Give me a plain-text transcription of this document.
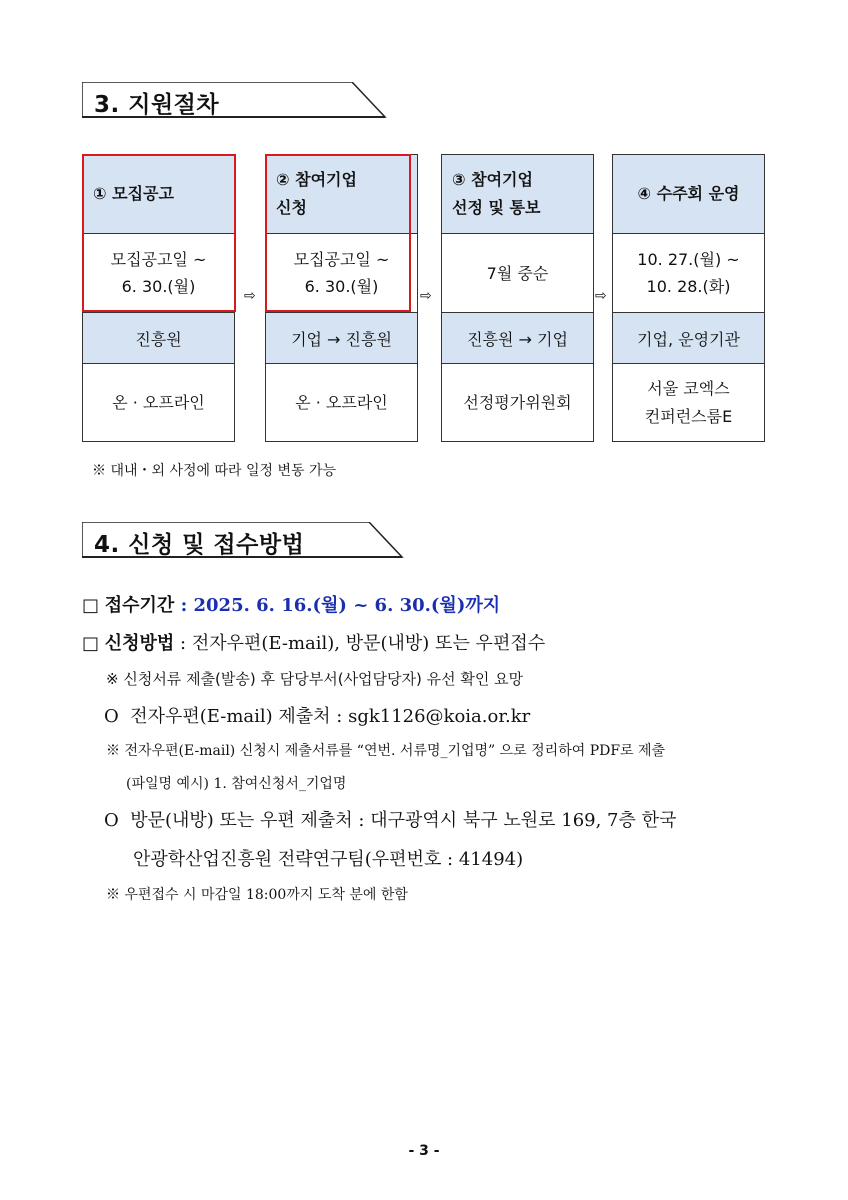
3. 지원절차
① 모집공고
모집공고일 ~
6. 30.(월)
진흥원
온 · 오프라인
② 참여기업
신청
모집공고일 ~
6. 30.(월)
기업 → 진흥원
온 · 오프라인
③ 참여기업
선정 및 통보
7월 중순
진흥원 → 기업
선정평가위원회
④ 수주회 운영
10. 27.(월) ~
10. 28.(화)
기업, 운영기관
서울 코엑스
컨퍼런스룸E
⇨	⇨	⇨
※ 대내・외 사정에 따라 일정 변동 가능
4. 신청 및 접수방법
□ 접수기간 : 2025. 6. 16.(월) ~ 6. 30.(월)까지
□ 신청방법 : 전자우편(E-mail), 방문(내방) 또는 우편접수
※ 신청서류 제출(발송) 후 담당부서(사업담당자) 유선 확인 요망
O 전자우편(E-mail) 제출처 : sgk1126@koia.or.kr
※ 전자우편(E-mail) 신청시 제출서류를 “연번. 서류명_기업명” 으로 정리하여 PDF로 제출
(파일명 예시) 1. 참여신청서_기업명
O 방문(내방) 또는 우편 제출처 : 대구광역시 북구 노원로 169, 7층 한국
안광학산업진흥원 전략연구팀(우편번호 : 41494)
※ 우편접수 시 마감일 18:00까지 도착 분에 한함
- 3 -
